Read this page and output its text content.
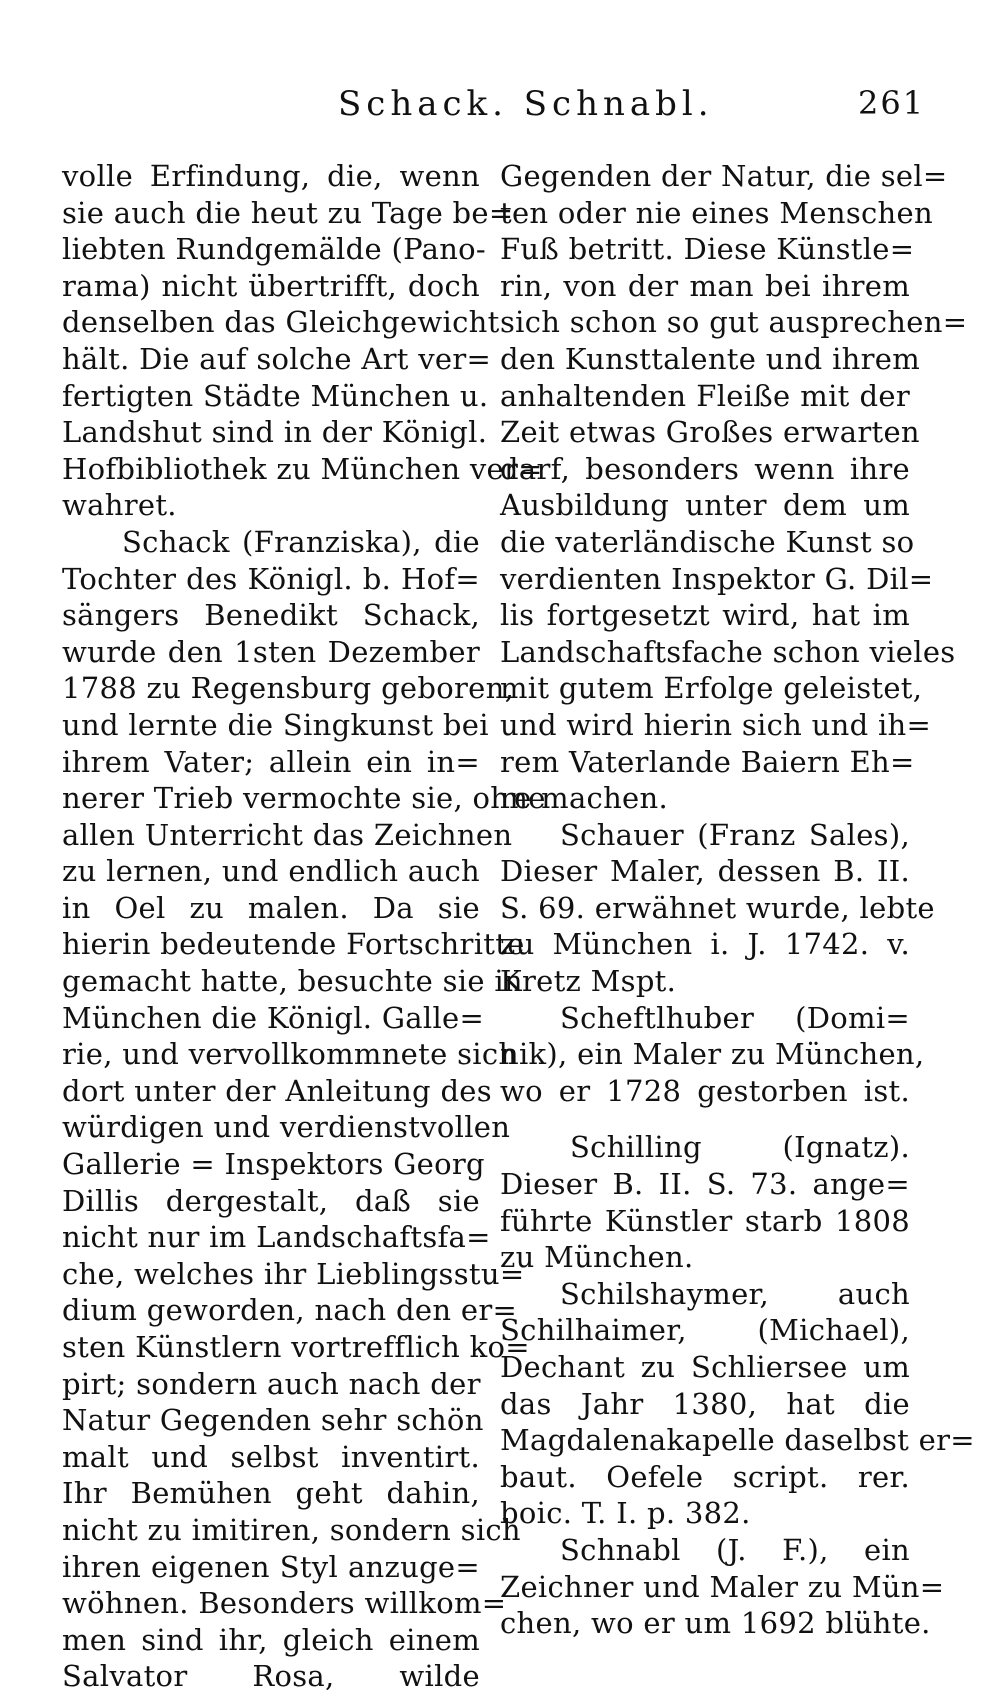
Schack. Schnabl.	261
volle Erfindung, die, wenn
sie auch die heut zu Tage be=
liebten Rundgemälde (Pano-
rama) nicht übertrifft, doch
denselben das Gleichgewicht
hält. Die auf solche Art ver=
fertigten Städte München u.
Landshut sind in der Königl.
Hofbibliothek zu München ver=
wahret.
Schack (Franziska), die
Tochter des Königl. b. Hof=
sängers Benedikt Schack,
wurde den 1sten Dezember
1788 zu Regensburg geboren,
und lernte die Singkunst bei
ihrem Vater; allein ein in=
nerer Trieb vermochte sie, ohne
allen Unterricht das Zeichnen
zu lernen, und endlich auch
in Oel zu malen. Da sie
hierin bedeutende Fortschritte
gemacht hatte, besuchte sie in
München die Königl. Galle=
rie, und vervollkommnete sich
dort unter der Anleitung des
würdigen und verdienstvollen
Gallerie = Inspektors Georg
Dillis dergestalt, daß sie
nicht nur im Landschaftsfa=
che, welches ihr Lieblingsstu=
dium geworden, nach den er=
sten Künstlern vortrefflich ko=
pirt; sondern auch nach der
Natur Gegenden sehr schön
malt und selbst inventirt.
Ihr Bemühen geht dahin,
nicht zu imitiren, sondern sich
ihren eigenen Styl anzuge=
wöhnen. Besonders willkom=
men sind ihr, gleich einem
Salvator Rosa, wilde
Gegenden der Natur, die sel=
ten oder nie eines Menschen
Fuß betritt. Diese Künstle=
rin, von der man bei ihrem
sich schon so gut ausprechen=
den Kunsttalente und ihrem
anhaltenden Fleiße mit der
Zeit etwas Großes erwarten
darf, besonders wenn ihre
Ausbildung unter dem um
die vaterländische Kunst so
verdienten Inspektor G. Dil=
lis fortgesetzt wird, hat im
Landschaftsfache schon vieles
mit gutem Erfolge geleistet,
und wird hierin sich und ih=
rem Vaterlande Baiern Eh=
re machen.
Schauer (Franz Sales),
Dieser Maler, dessen B. II.
S. 69. erwähnet wurde, lebte
zu München i. J. 1742. v.
Kretz Mspt.
Scheftlhuber (Domi=
nik), ein Maler zu München,
wo er 1728 gestorben ist.
Schilling (Ignatz).
Dieser B. II. S. 73. ange=
führte Künstler starb 1808
zu München.
Schilshaymer, auch
Schilhaimer, (Michael),
Dechant zu Schliersee um
das Jahr 1380, hat die
Magdalenakapelle daselbst er=
baut. Oefele script. rer.
boic. T. I. p. 382.
Schnabl (J. F.), ein
Zeichner und Maler zu Mün=
chen, wo er um 1692 blühte.
